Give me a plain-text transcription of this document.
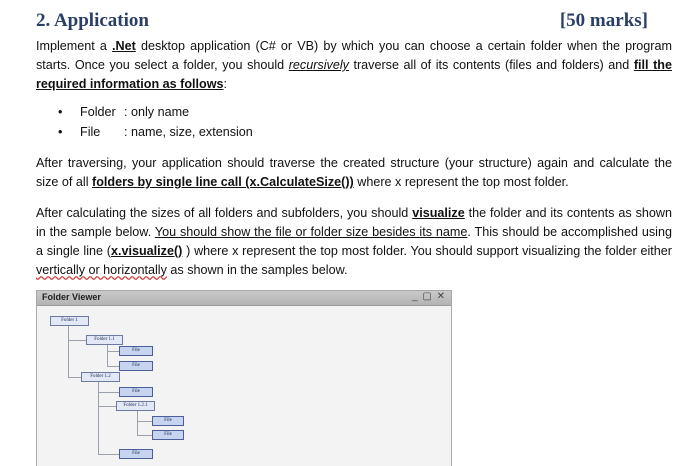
2. Application	[50 marks]

Implement a .Net desktop application (C# or VB) by which you can choose a certain folder when the program starts. Once you select a folder, you should recursively traverse all of its contents (files and folders) and fill the required information as follows:

• Folder : only name
• File : name, size, extension

After traversing, your application should traverse the created structure (your structure) again and calculate the size of all folders by single line call (x.CalculateSize()) where x represent the top most folder.

After calculating the sizes of all folders and subfolders, you should visualize the folder and its contents as shown in the sample below. You should show the file or folder size besides its name. This should be accomplished using a single line (x.visualize() ) where x represent the top most folder. You should support visualizing the folder either vertically or horizontally as shown in the samples below.

Folder Viewer	_ ▢ ✕
Folder 1
Folder 1.1
File
File
Folder 1.2
File
Folder 1.2.1
File
File
File
